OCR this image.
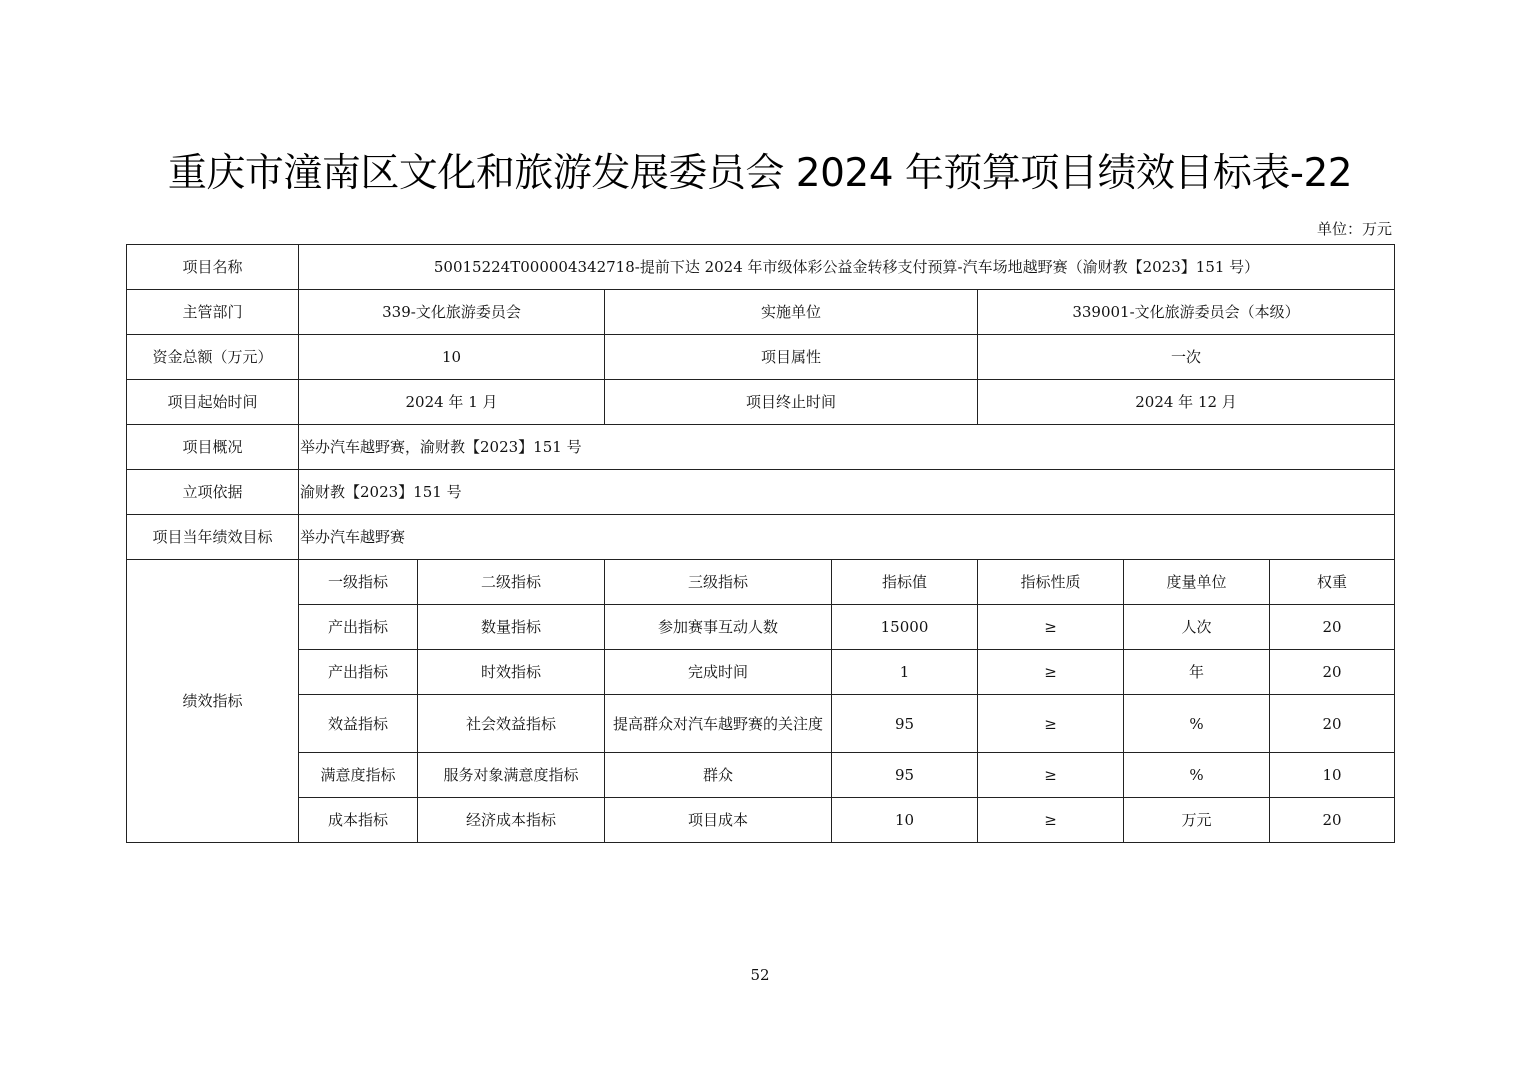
重庆市潼南区文化和旅游发展委员会 2024 年预算项目绩效目标表-22
单位：万元
项目名称	50015224T000004342718-提前下达 2024 年市级体彩公益金转移支付预算-汽车场地越野赛（渝财教【2023】151 号）						
主管部门	339-文化旅游委员会		实施单位		339001-文化旅游委员会（本级）		
资金总额（万元）	10		项目属性		一次		
项目起始时间	2024 年 1 月		项目终止时间		2024 年 12 月		
项目概况	举办汽车越野赛，渝财教【2023】151 号						
立项依据	渝财教【2023】151 号						
项目当年绩效目标	举办汽车越野赛						
绩效指标	一级指标	二级指标	三级指标	指标值	指标性质	度量单位	权重
	产出指标	数量指标	参加赛事互动人数	15000	≥	人次	20
	产出指标	时效指标	完成时间	1	≥	年	20
	效益指标	社会效益指标	提高群众对汽车越野赛的关注度	95	≥	%	20
	满意度指标	服务对象满意度指标	群众	95	≥	%	10
	成本指标	经济成本指标	项目成本	10	≥	万元	20
52
